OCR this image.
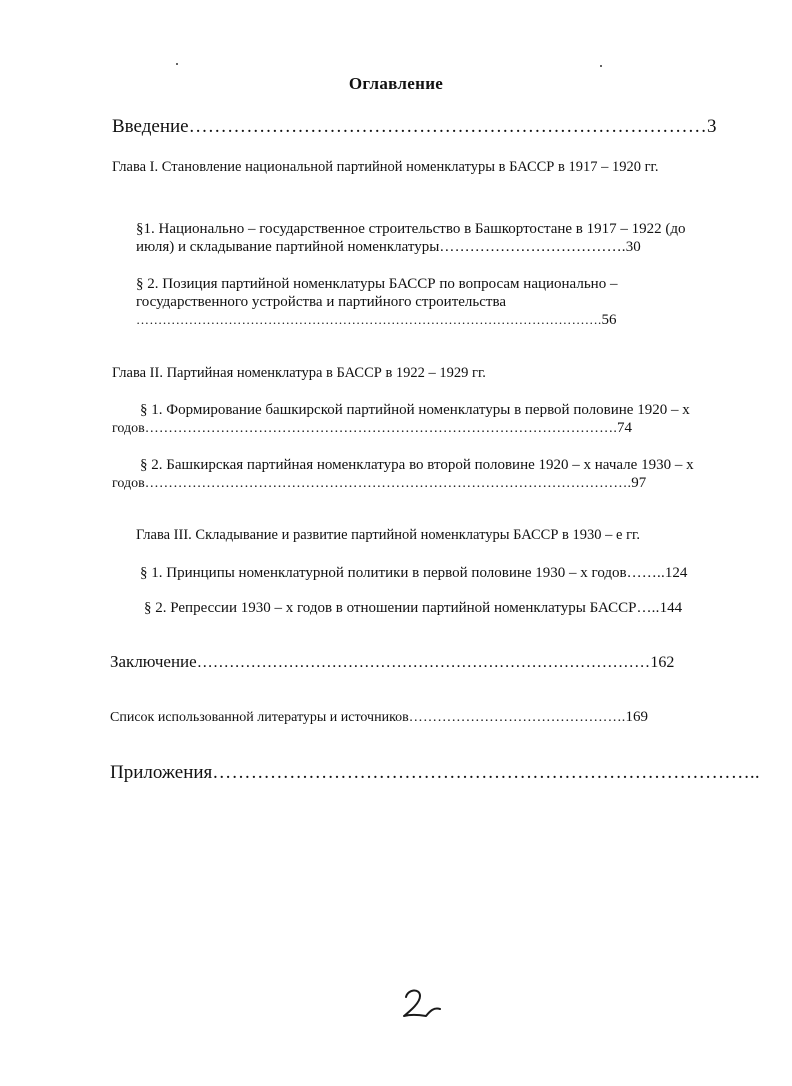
Оглавление
Введение………………………………………………………………………3
Глава I. Становление национальной партийной номенклатуры в БАССР в 1917 – 1920 гг.
§1. Национально – государственное строительство в Башкортостане в 1917 – 1922 (до
июля) и складывание партийной номенклатуры……………………………….30
§ 2. Позиция партийной номенклатуры БАССР по вопросам национально –
государственного устройства и партийного строительства
…………………………………………………………………………………………….56
Глава II. Партийная номенклатура в БАССР в 1922 – 1929 гг.
§ 1. Формирование башкирской партийной номенклатуры в первой половине 1920 – х
годов……………………………………………………………………………………….74
§ 2. Башкирская партийная номенклатура во второй половине 1920 – х начале 1930 – х
годов………………………………………………………………………………………….97
Глава III. Складывание и развитие партийной номенклатуры БАССР в 1930 – е гг.
§ 1. Принципы номенклатурной политики в первой половине 1930 – х годов……..124
§ 2. Репрессии 1930 – х годов в отношении партийной номенклатуры БАССР…..144
Заключение…………………………………………………………………………162
Список использованной литературы и источников……………………………………….169
Приложения…………………………………………………………………………..
